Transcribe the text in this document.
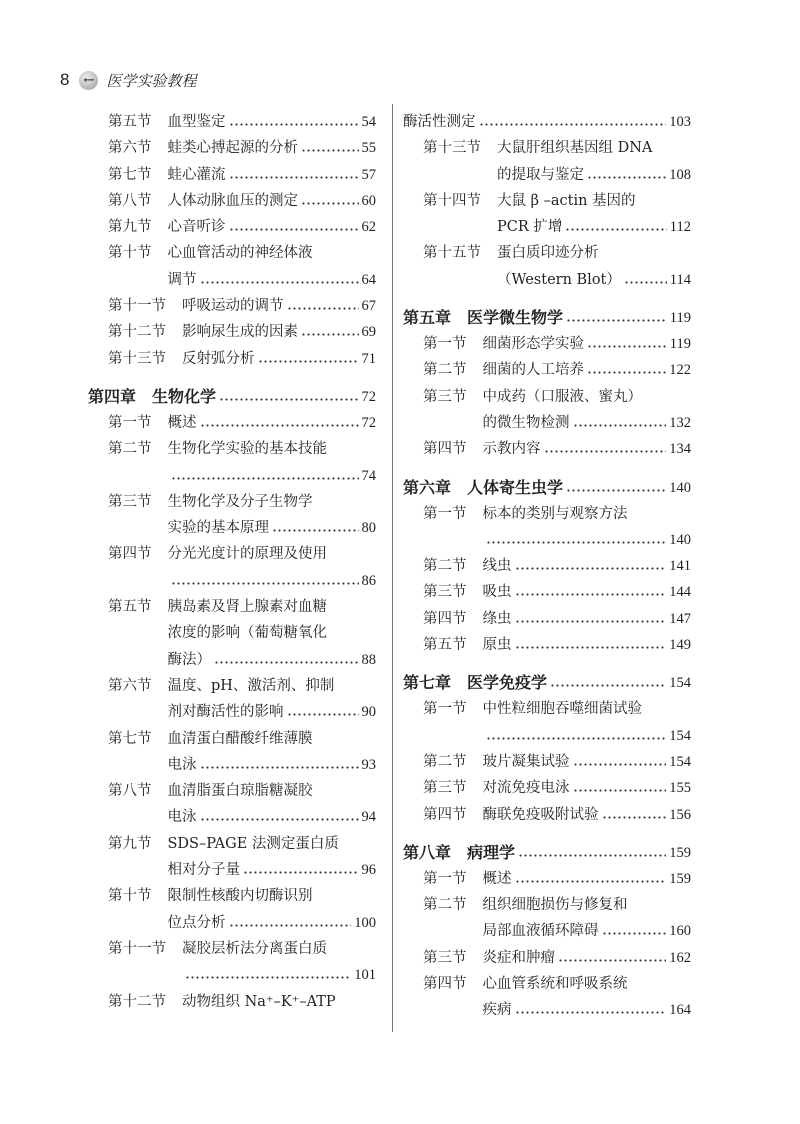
8	← 医学实验教程
第五节	血型鉴定	54
第六节	蛙类心搏起源的分析	55
第七节	蛙心灌流	57
第八节	人体动脉血压的测定	60
第九节	心音听诊	62
第十节	心血管活动的神经体液
调节	64
第十一节	呼吸运动的调节	67
第十二节	影响尿生成的因素	69
第十三节	反射弧分析	71
第四章	生物化学	72
第一节	概述	72
第二节	生物化学实验的基本技能
74
第三节	生物化学及分子生物学
实验的基本原理	80
第四节	分光光度计的原理及使用
86
第五节	胰岛素及肾上腺素对血糖
浓度的影响（葡萄糖氧化
酶法）	88
第六节	温度、pH、激活剂、抑制
剂对酶活性的影响	90
第七节	血清蛋白醋酸纤维薄膜
电泳	93
第八节	血清脂蛋白琼脂糖凝胶
电泳	94
第九节	SDS–PAGE 法测定蛋白质
相对分子量	96
第十节	限制性核酸内切酶识别
位点分析	100
第十一节	凝胶层析法分离蛋白质
101
第十二节	动物组织 Na⁺–K⁺–ATP
酶活性测定	103
第十三节	大鼠肝组织基因组 DNA
的提取与鉴定	108
第十四节	大鼠 β –actin 基因的
PCR 扩增	112
第十五节	蛋白质印迹分析
（Western Blot）	114
第五章	医学微生物学	119
第一节	细菌形态学实验	119
第二节	细菌的人工培养	122
第三节	中成药（口服液、蜜丸）
的微生物检测	132
第四节	示教内容	134
第六章	人体寄生虫学	140
第一节	标本的类别与观察方法
140
第二节	线虫	141
第三节	吸虫	144
第四节	绦虫	147
第五节	原虫	149
第七章	医学免疫学	154
第一节	中性粒细胞吞噬细菌试验
154
第二节	玻片凝集试验	154
第三节	对流免疫电泳	155
第四节	酶联免疫吸附试验	156
第八章	病理学	159
第一节	概述	159
第二节	组织细胞损伤与修复和
局部血液循环障碍	160
第三节	炎症和肿瘤	162
第四节	心血管系统和呼吸系统
疾病	164
